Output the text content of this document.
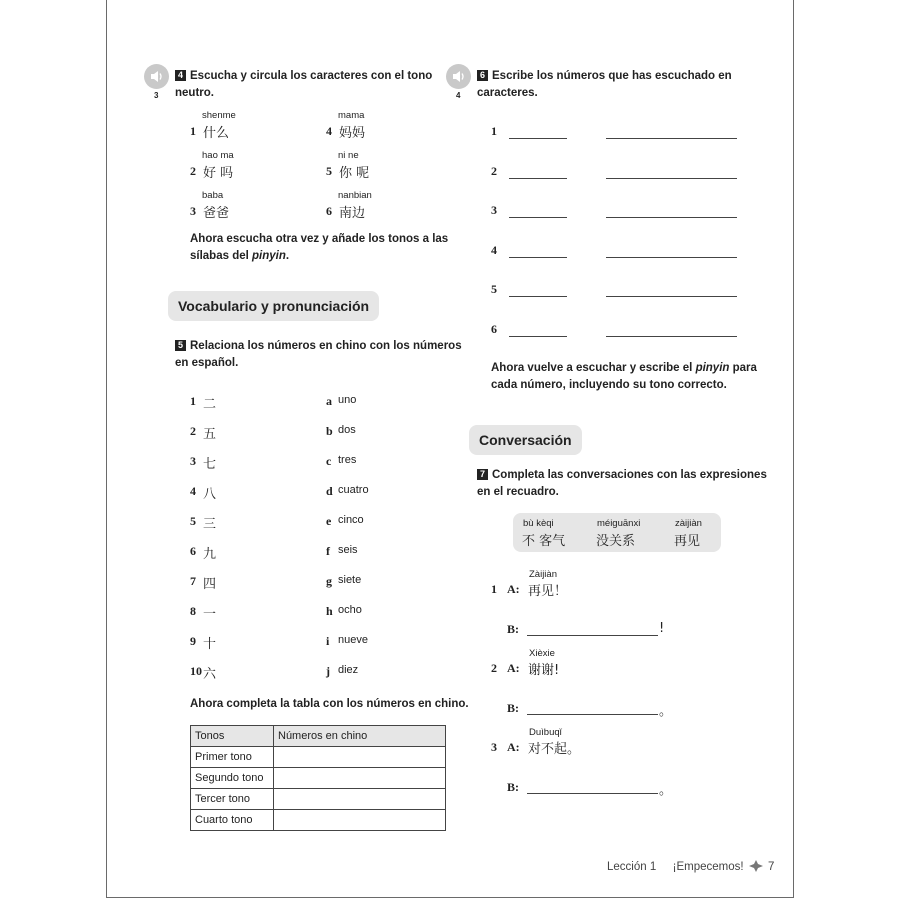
3
4 Escucha y circula los caracteres con el tono
neutro.
shenme
1 什么
hao ma
2 好 吗
baba
3 爸爸
mama
4 妈妈
ni ne
5 你 呢
nanbian
6 南边
Ahora escucha otra vez y añade los tonos a las
sílabas del pinyin.
Vocabulario y pronunciación
5 Relaciona los números en chino con los números
en español.
1 二	a uno
2 五	b dos
3 七	c tres
4 八	d cuatro
5 三	e cinco
6 九	f seis
7 四	g siete
8 一	h ocho
9 十	i nueve
10 六	j diez
Ahora completa la tabla con los números en chino.
Tonos	Números en chino
Primer tono	
Segundo tono	
Tercer tono	
Cuarto tono	
4
6 Escribe los números que has escuchado en
caracteres.
1
2
3
4
5
6
Ahora vuelve a escuchar y escribe el pinyin para
cada número, incluyendo su tono correcto.
Conversación
7 Completa las conversaciones con las expresiones
en el recuadro.
bù kèqi
不 客气
méiguānxi
没关系
zàijiàn
再见
Zàijiàn
1 A: 再见！
B:	!
Xièxie
2 A: 谢谢!
B:	。
Duìbuqǐ
3 A: 对不起。
B:	。
Lección 1 ¡Empecemos! 7
